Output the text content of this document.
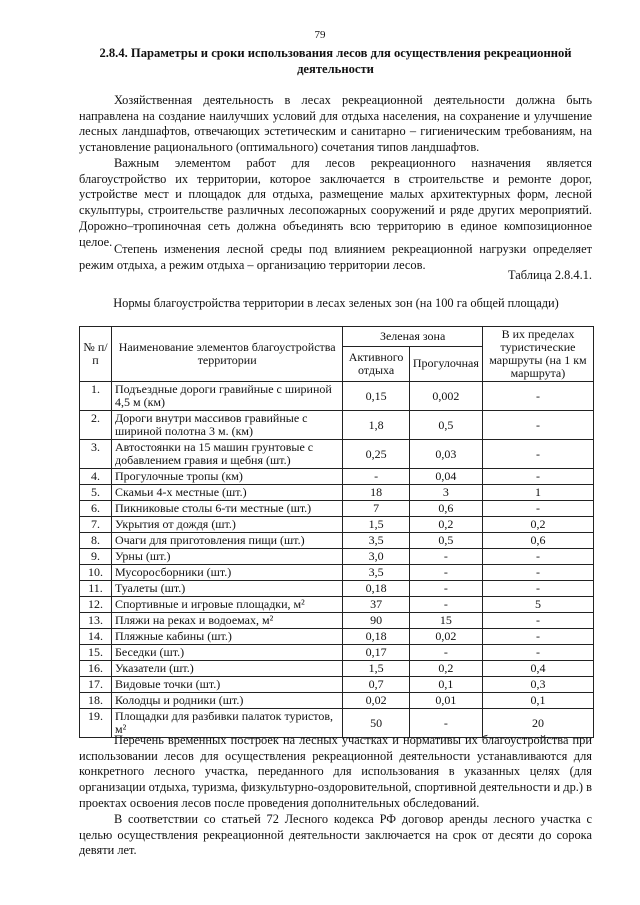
79
2.8.4. Параметры и сроки использования лесов для осуществления рекреационной деятельности

Хозяйственная деятельность в лесах рекреационной деятельности должна быть направлена на создание наилучших условий для отдыха населения, на сохранение и улучшение лесных ландшафтов, отвечающих эстетическим и санитарно – гигиеническим требованиям, на установление рационального (оптимального) сочетания типов ландшафтов.

Важным элементом работ для лесов рекреационного назначения является благоустройство их территории, которое заключается в строительстве и ремонте дорог, устройстве мест и площадок для отдыха, размещение малых архитектурных форм, лесной скульптуры, строительстве различных лесопожарных сооружений и ряде других мероприятий. Дорожно–тропиночная сеть должна объединять всю территорию в единое композиционное целое.

Степень изменения лесной среды под влиянием рекреационной нагрузки определяет режим отдыха, а режим отдыха – организацию территории лесов.

Таблица 2.8.4.1.
Нормы благоустройства территории в лесах зеленых зон (на 100 га общей площади)
№ п/п	Наименование элементов благоустройства территории	Зеленая зона		В их пределах туристические маршруты (на 1 км маршрута)
		Активного отдыха	Прогулочная	
1.	Подъездные дороги гравийные с шириной 4,5 м (км)	0,15	0,002	-
2.	Дороги внутри массивов гравийные с шириной полотна 3 м. (км)	1,8	0,5	-
3.	Автостоянки на 15 машин грунтовые с добавлением гравия и щебня (шт.)	0,25	0,03	-
4.	Прогулочные тропы (км)	-	0,04	-
5.	Скамьи 4-х местные (шт.)	18	3	1
6.	Пикниковые столы 6-ти местные (шт.)	7	0,6	-
7.	Укрытия от дождя (шт.)	1,5	0,2	0,2
8.	Очаги для приготовления пищи (шт.)	3,5	0,5	0,6
9.	Урны (шт.)	3,0	-	-
10.	Мусоросборники (шт.)	3,5	-	-
11.	Туалеты (шт.)	0,18	-	-
12.	Спортивные и игровые площадки, м²	37	-	5
13.	Пляжи на реках и водоемах, м²	90	15	-
14.	Пляжные кабины (шт.)	0,18	0,02	-
15.	Беседки (шт.)	0,17	-	-
16.	Указатели (шт.)	1,5	0,2	0,4
17.	Видовые точки (шт.)	0,7	0,1	0,3
18.	Колодцы и родники (шт.)	0,02	0,01	0,1
19.	Площадки для разбивки палаток туристов, м²	50	-	20

Перечень временных построек на лесных участках и нормативы их благоустройства при использовании лесов для осуществления рекреационной деятельности устанавливаются для конкретного лесного участка, переданного для использования в указанных целях (для организации отдыха, туризма, физкультурно-оздоровительной, спортивной деятельности и др.) в проектах освоения лесов после проведения дополнительных обследований.

В соответствии со статьей 72 Лесного кодекса РФ договор аренды лесного участка с целью осуществления рекреационной деятельности заключается на срок от десяти до сорока девяти лет.
